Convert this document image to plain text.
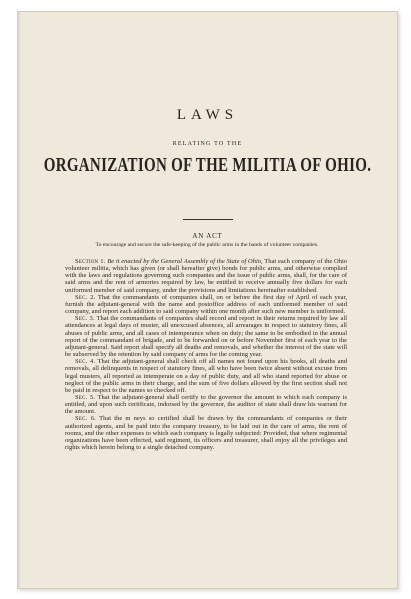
LAWS
RELATING TO THE
ORGANIZATION OF THE MILITIA OF OHIO.
AN ACT
To encourage and secure the safe-keeping of the public arms in the hands of volunteer companies.

Section 1. Be it enacted by the General Assembly of the State of Ohio, That each company of the Ohio volunteer militia, which has given (or shall hereafter give) bonds for public arms, and otherwise complied with the laws and regulations governing such companies and the issue of public arms, shall, for the care of said arms and the rent of armories required by law, be entitled to receive annually five dollars for each uniformed member of said company, under the provisions and limitations hereinafter established.

Sec. 2. That the commandants of companies shall, on or before the first day of April of each year, furnish the adjutant-general with the name and postoffice address of each uniformed member of said company, and report each addition to said company within one month after such new member is uniformed.

Sec. 3. That the commandants of companies shall record and report in their returns required by law all attendances at legal days of muster, all unexcused absences, all arrearages in respect to statutory fines, all abuses of public arms, and all cases of intemperance when on duty; the same to be embodied in the annual report of the commandant of brigade, and to be forwarded on or before November first of each year to the adjutant-general. Said report shall specify all deaths and removals, and whether the interest of the state will be subserved by the retention by said company of arms for the coming year.

Sec. 4. That the adjutant-general shall check off all names not found upon his books, all deaths and removals, all delinquents in respect of statutory fines, all who have been twice absent without excuse from legal musters, all reported as intemperate on a day of public duty, and all who stand reported for abuse or neglect of the public arms in their charge, and the sum of five dollars allowed by the first section shall not be paid in respect to the names so checked off.

Sec. 5. That the adjutant-general shall certify to the governor the amount to which each company is entitled, and upon such certificate, indorsed by the governor, the auditor of state shall draw his warrant for the amount.

Sec. 6. That the m neys so certified shall be drawn by the commandants of companies or their authorized agents, and be paid into the company treasury, to be laid out in the care of arms, the rent of rooms, and the other expenses to which each company is legally subjected: Provided, that where regimental organizations have been effected, said regiment, its officers and treasurer, shall enjoy all the privileges and rights which herein belong to a single detached company.
